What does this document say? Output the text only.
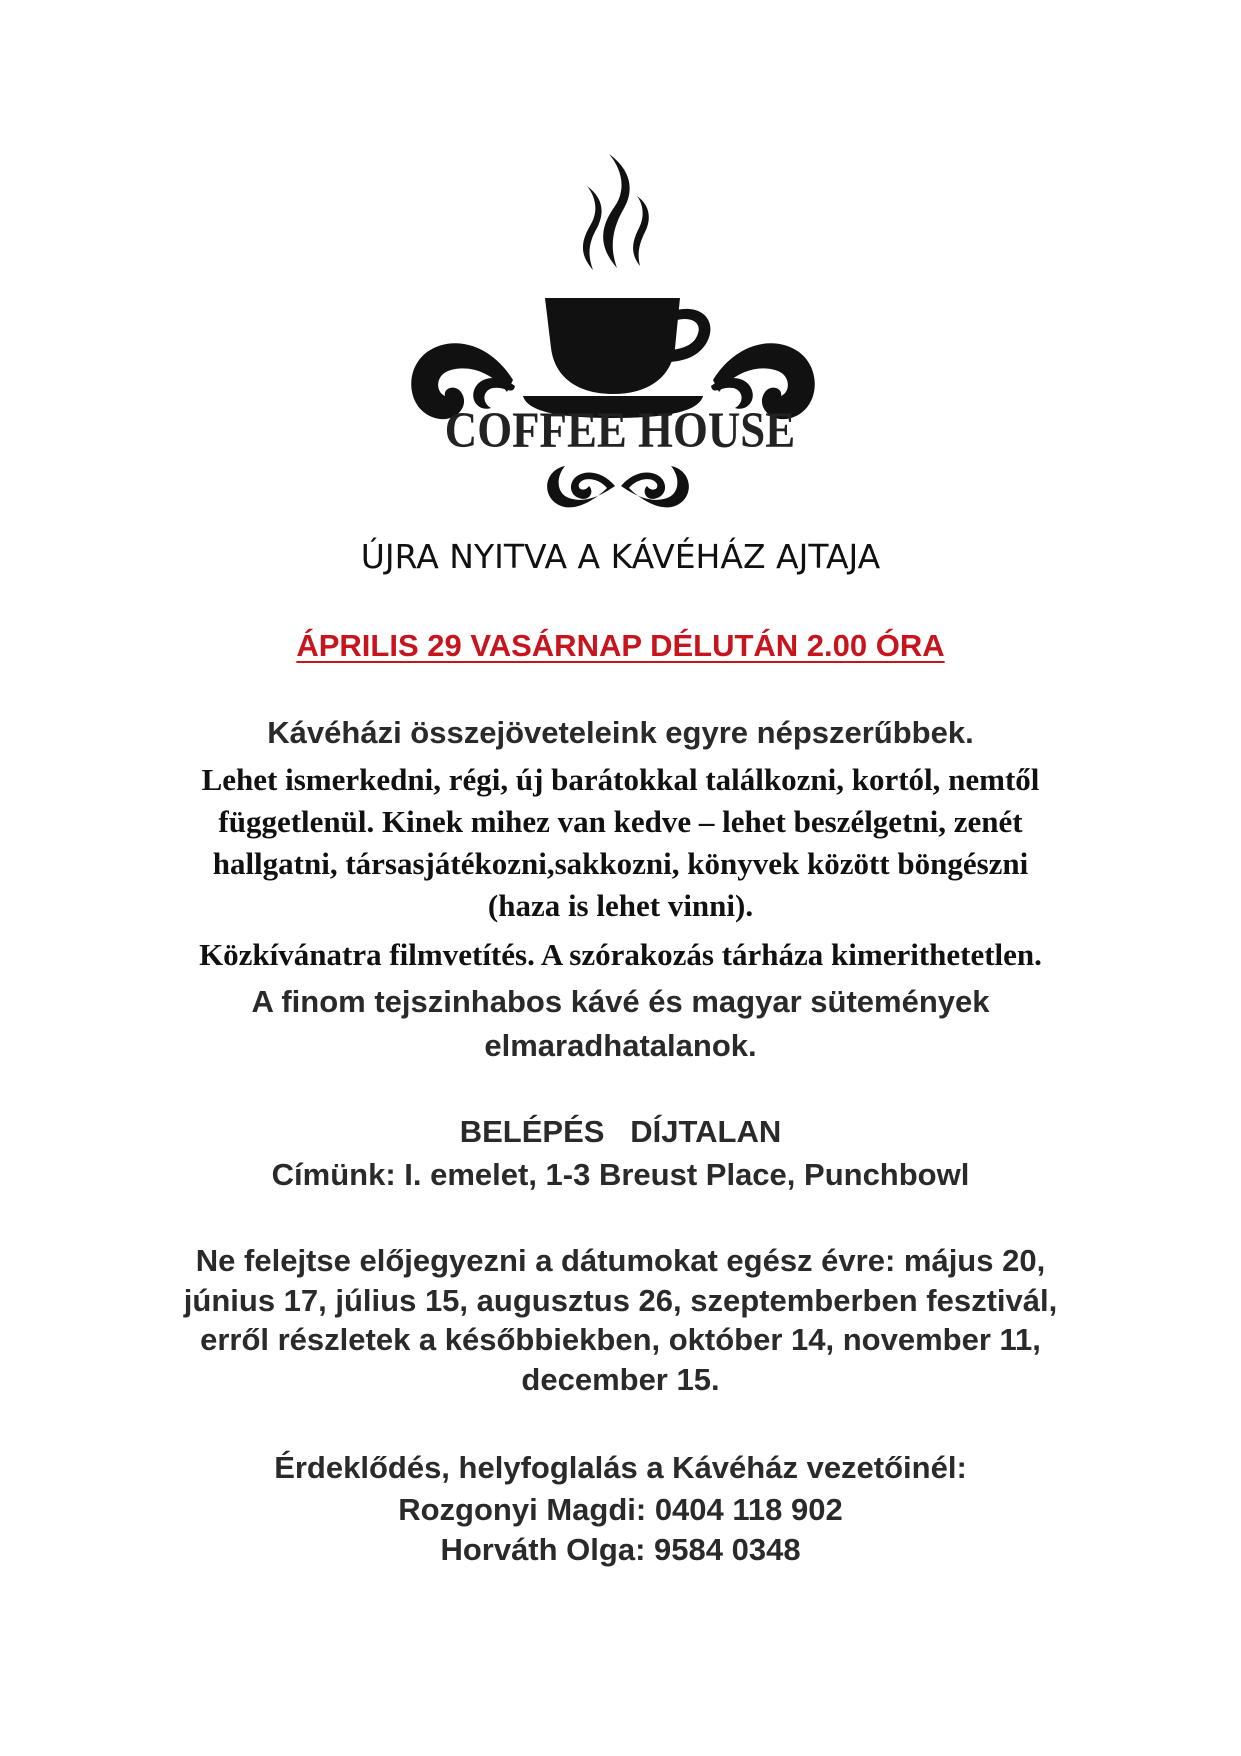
COFFEE HOUSE
ÚJRA NYITVA A KÁVÉHÁZ AJTAJA
ÁPRILIS 29 VASÁRNAP DÉLUTÁN 2.00 ÓRA
Kávéházi összejöveteleink egyre népszerűbbek.
Lehet ismerkedni, régi, új barátokkal találkozni, kortól, nemtől
függetlenül. Kinek mihez van kedve – lehet beszélgetni, zenét
hallgatni, társasjátékozni,sakkozni, könyvek között böngészni
(haza is lehet vinni).
Közkívánatra filmvetítés. A szórakozás tárháza kimerithetetlen.
A finom tejszinhabos kávé és magyar sütemények
elmaradhatalanok.
BELÉPÉS   DÍJTALAN
Címünk: I. emelet, 1-3 Breust Place, Punchbowl
Ne felejtse előjegyezni a dátumokat egész évre: május 20,
június 17, július 15, augusztus 26, szeptemberben fesztivál,
erről részletek a későbbiekben, október 14, november 11,
december 15.
Érdeklődés, helyfoglalás a Kávéház vezetőinél:
Rozgonyi Magdi: 0404 118 902
Horváth Olga: 9584 0348
